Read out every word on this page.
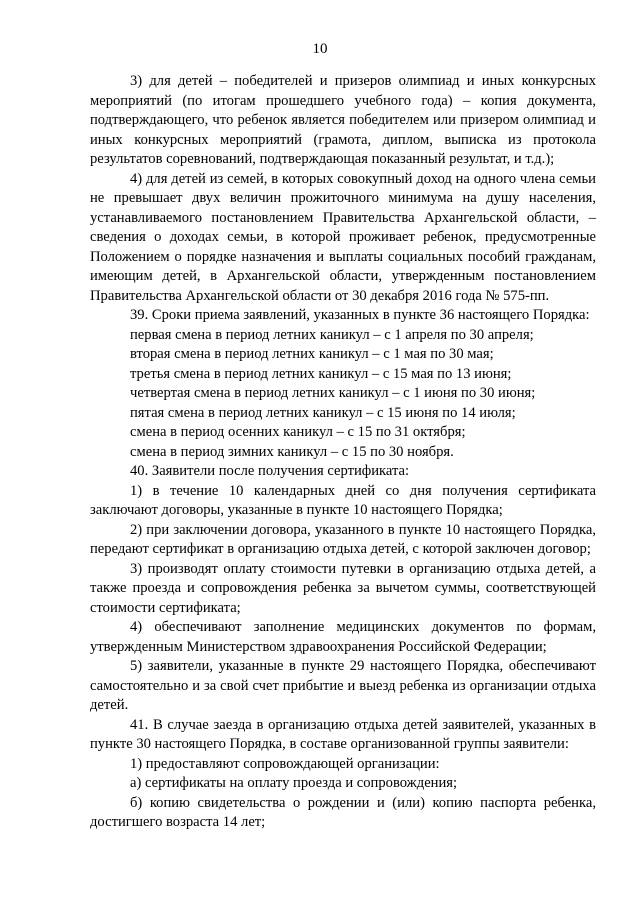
10

3) для детей – победителей и призеров олимпиад и иных конкурсных мероприятий (по итогам прошедшего учебного года) – копия документа, подтверждающего, что ребенок является победителем или призером олимпиад и иных конкурсных мероприятий (грамота, диплом, выписка из протокола результатов соревнований, подтверждающая показанный результат, и т.д.);

4) для детей из семей, в которых совокупный доход на одного члена семьи не превышает двух величин прожиточного минимума на душу населения, устанавливаемого постановлением Правительства Архангельской области, – сведения о доходах семьи, в которой проживает ребенок, предусмотренные Положением о порядке назначения и выплаты социальных пособий гражданам, имеющим детей, в Архангельской области, утвержденным постановлением Правительства Архангельской области от 30 декабря 2016 года № 575-пп.

39. Сроки приема заявлений, указанных в пункте 36 настоящего Порядка:

первая смена в период летних каникул – с 1 апреля по 30 апреля;

вторая смена в период летних каникул – с 1 мая по 30 мая;

третья смена в период летних каникул – с 15 мая по 13 июня;

четвертая смена в период летних каникул – с 1 июня по 30 июня;

пятая смена в период летних каникул – с 15 июня по 14 июля;

смена в период осенних каникул – с 15 по 31 октября;

смена в период зимних каникул – с 15 по 30 ноября.

40. Заявители после получения сертификата:

1) в течение 10 календарных дней со дня получения сертификата заключают договоры, указанные в пункте 10 настоящего Порядка;

2) при заключении договора, указанного в пункте 10 настоящего Порядка, передают сертификат в организацию отдыха детей, с которой заключен договор;

3) производят оплату стоимости путевки в организацию отдыха детей, а также проезда и сопровождения ребенка за вычетом суммы, соответствующей стоимости сертификата;

4) обеспечивают заполнение медицинских документов по формам, утвержденным Министерством здравоохранения Российской Федерации;

5) заявители, указанные в пункте 29 настоящего Порядка, обеспечивают самостоятельно и за свой счет прибытие и выезд ребенка из организации отдыха детей.

41. В случае заезда в организацию отдыха детей заявителей, указанных в пункте 30 настоящего Порядка, в составе организованной группы заявители:

1) предоставляют сопровождающей организации:

а) сертификаты на оплату проезда и сопровождения;

б) копию свидетельства о рождении и (или) копию паспорта ребенка, достигшего возраста 14 лет;
